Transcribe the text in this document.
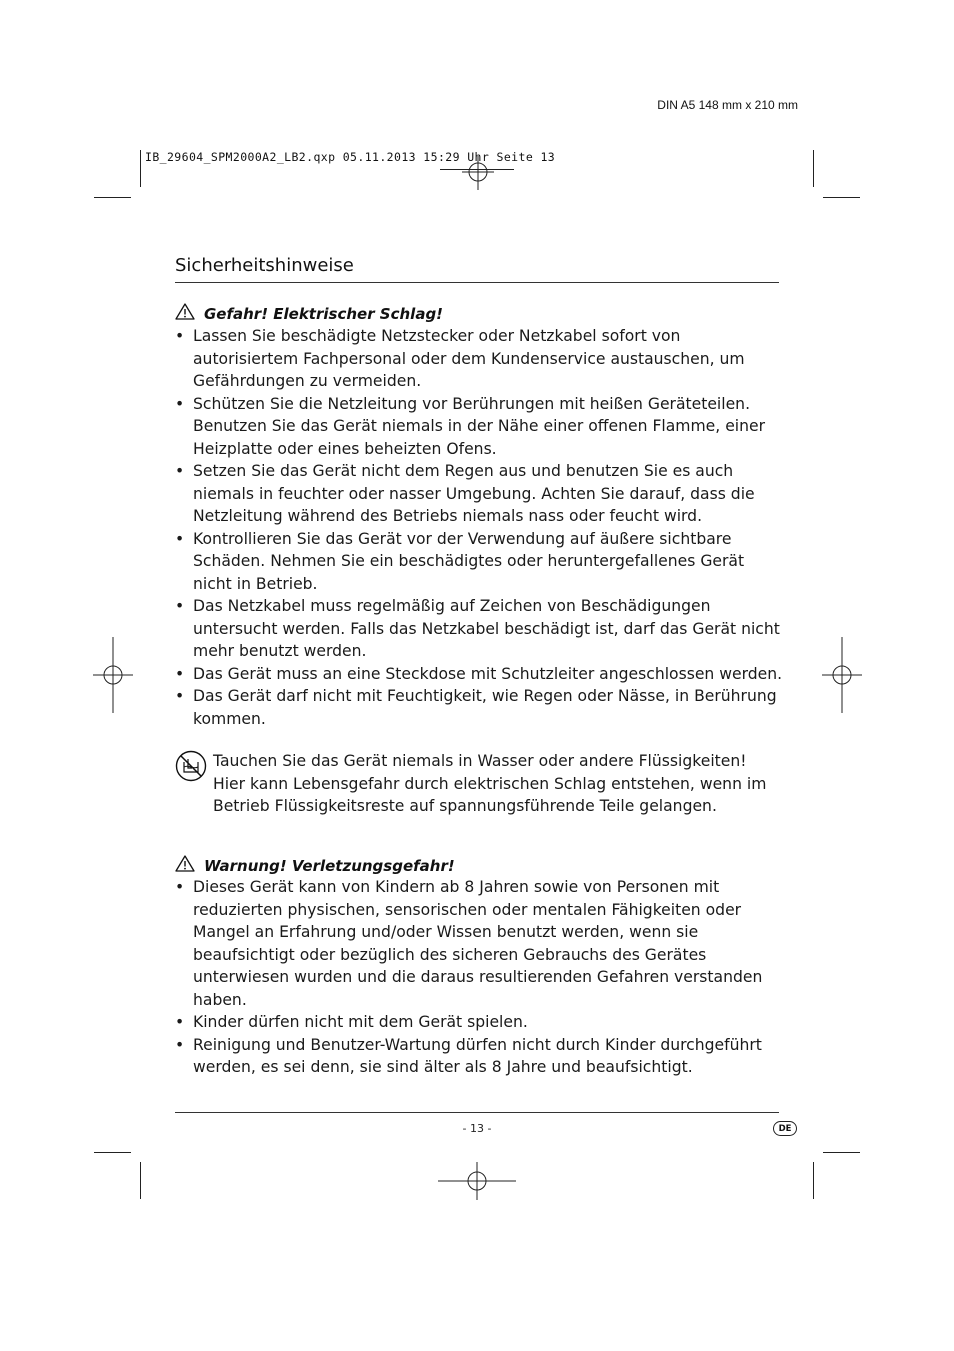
DIN A5 148 mm x 210 mm
IB_29604_SPM2000A2_LB2.qxp 05.11.2013 15:29 Uhr Seite 13
Sicherheitshinweise
Gefahr! Elektrischer Schlag!
• Lassen Sie beschädigte Netzstecker oder Netzkabel sofort von autorisiertem Fachpersonal oder dem Kundenservice austauschen, um Gefährdungen zu vermeiden.
• Schützen Sie die Netzleitung vor Berührungen mit heißen Geräteteilen. Benutzen Sie das Gerät niemals in der Nähe einer offenen Flamme, einer Heizplatte oder eines beheizten Ofens.
• Setzen Sie das Gerät nicht dem Regen aus und benutzen Sie es auch niemals in feuchter oder nasser Umgebung. Achten Sie darauf, dass die Netzleitung während des Betriebs niemals nass oder feucht wird.
• Kontrollieren Sie das Gerät vor der Verwendung auf äußere sichtbare Schäden. Nehmen Sie ein beschädigtes oder heruntergefallenes Gerät nicht in Betrieb.
• Das Netzkabel muss regelmäßig auf Zeichen von Beschädigungen untersucht werden. Falls das Netzkabel beschädigt ist, darf das Gerät nicht mehr benutzt werden.
• Das Gerät muss an eine Steckdose mit Schutzleiter angeschlossen werden.
• Das Gerät darf nicht mit Feuchtigkeit, wie Regen oder Nässe, in Berührung kommen.
Tauchen Sie das Gerät niemals in Wasser oder andere Flüssigkeiten! Hier kann Lebensgefahr durch elektrischen Schlag entstehen, wenn im Betrieb Flüssigkeitsreste auf spannungsführende Teile gelangen.
Warnung! Verletzungsgefahr!
• Dieses Gerät kann von Kindern ab 8 Jahren sowie von Personen mit reduzierten physischen, sensorischen oder mentalen Fähigkeiten oder Mangel an Erfahrung und/oder Wissen benutzt werden, wenn sie beaufsichtigt oder bezüglich des sicheren Gebrauchs des Gerätes unterwiesen wurden und die daraus resultierenden Gefahren verstanden haben.
• Kinder dürfen nicht mit dem Gerät spielen.
• Reinigung und Benutzer-Wartung dürfen nicht durch Kinder durchgeführt werden, es sei denn, sie sind älter als 8 Jahre und beaufsichtigt.
- 13 -	DE
